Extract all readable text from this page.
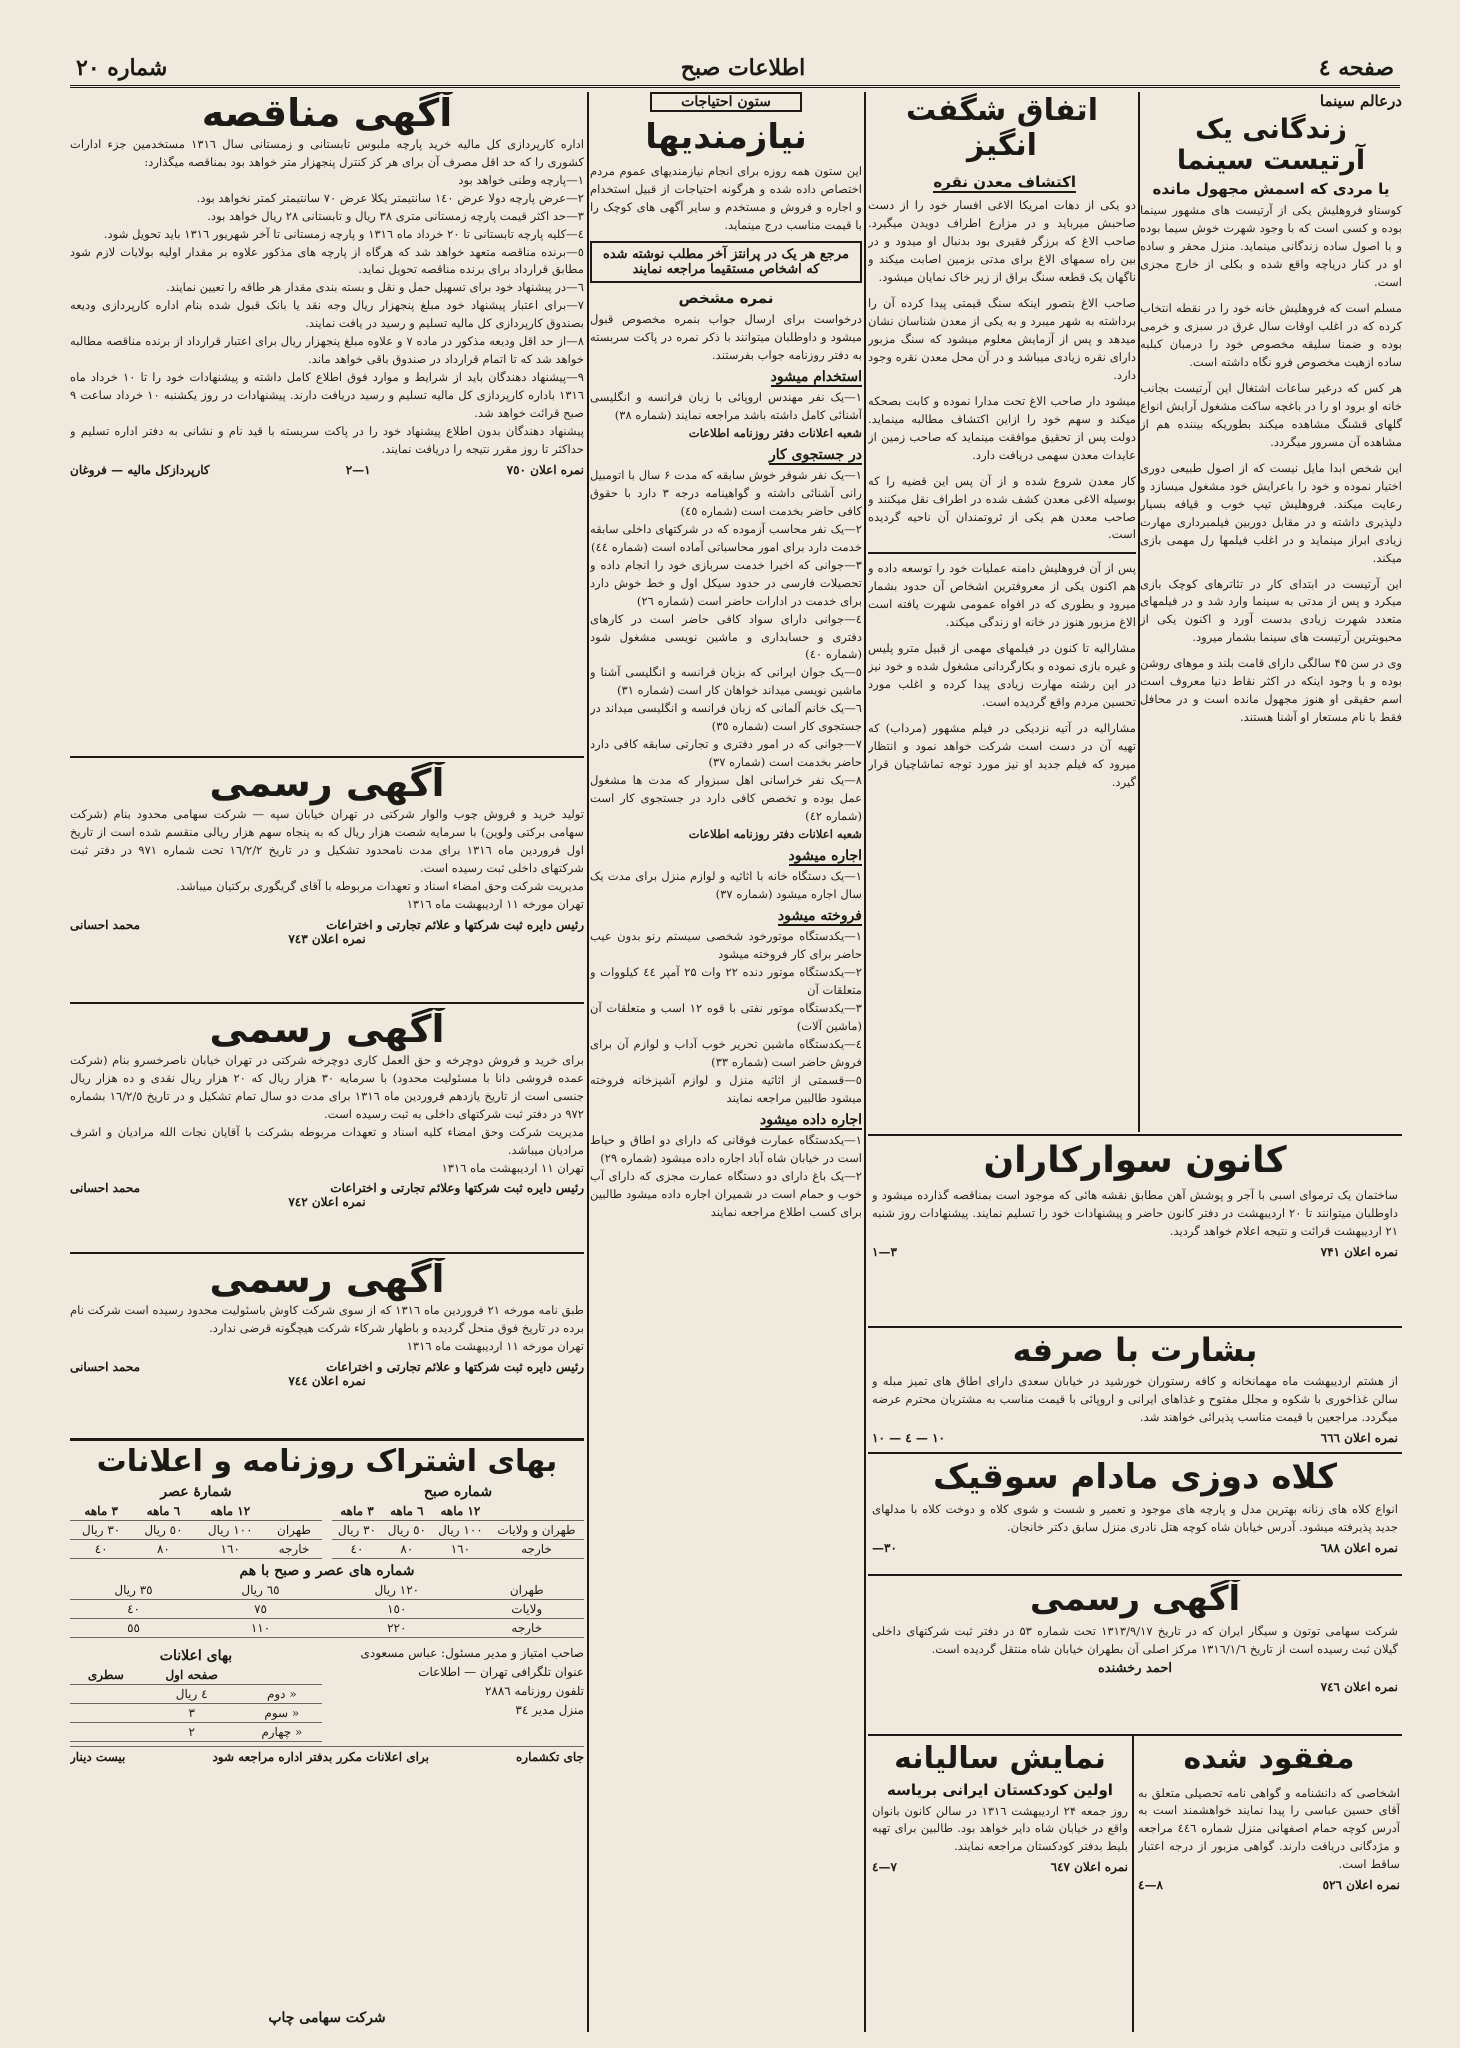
صفحه ٤
اطلاعات صبح
شماره ۲۰
درعالم سینما
زندگانی یک آرتیست سینما
یا مردی که اسمش مجهول مانده
کوستاو فروهلیش یکی از آرتیست های مشهور سینما بوده و کسی است که با وجود شهرت خوش سیما بوده و با اصول ساده زندگانی مینماید. منزل محقر و ساده او در کنار دریاچه واقع شده و بکلی از خارج مجزی است.
مسلم است که فروهلیش خانه خود را در نقطه انتخاب کرده که در اغلب اوقات سال غرق در سبزی و خرمی بوده و ضمنا سلیقه مخصوص خود را درمبان کبلبه ساده ازهیت مخصوص فرو نگاه داشته است.
هر کس که درغیر ساعات اشتغال این آرتیست بجانب خانه او برود او را در باغچه ساکت مشغول آرایش انواع گلهای قشنگ مشاهده میکند بطوریکه بیننده هم از مشاهده آن مسرور میگردد.
این شخص ابدا مایل نیست که از اصول طبیعی دوری اختیار نموده و خود را باعرایش خود مشغول میسازد و رعایت میکند. فروهلیش تیپ خوب و قیافه بسیار دلپذیری داشته و در مقابل دوربین فیلمبرداری مهارت زیادی ابراز مینماید و در اغلب فیلمها رل مهمی بازی میکند.
این آرتیست در ابتدای کار در تئاترهای کوچک بازی میکرد و پس از مدتی به سینما وارد شد و در فیلمهای متعدد شهرت زیادی بدست آورد و اکنون یکی از محبوبترین آرتیست های سینما بشمار میرود.
وی در سن ۴۵ سالگی دارای قامت بلند و موهای روشن بوده و با وجود اینکه در اکثر نقاط دنیا معروف است اسم حقیقی او هنوز مجهول مانده است و در محافل فقط با نام مستعار او آشنا هستند.
اتفاق شگفت انگیز
اکتشاف معدن نقره
دو یکی از دهات امریکا الاغی افسار خود را از دست صاحبش میرباید و در مزارع اطراف دویدن میگیرد. صاحب الاغ که برزگر فقیری بود بدنبال او میدود و در بین راه سمهای الاغ برای مدتی بزمین اصابت میکند و ناگهان یک قطعه سنگ براق از زیر خاک نمایان میشود.
صاحب الاغ بتصور اینکه سنگ قیمتی پیدا کرده آن را برداشته به شهر میبرد و به یکی از معدن شناسان نشان میدهد و پس از آزمایش معلوم میشود که سنگ مزبور دارای نقره زیادی میباشد و در آن محل معدن نقره وجود دارد.
میشود دار صاحب الاغ تحت مدارا نموده و کابت بصحکه میکند و سهم خود را ازاین اکتشاف مطالبه مینماید. دولت پس از تحقیق موافقت مینماید که صاحب زمین از عایدات معدن سهمی دریافت دارد.
کار معدن شروع شده و از آن پس این قضیه را که بوسیله الاغی معدن کشف شده در اطراف نقل میکنند و صاحب معدن هم یکی از ثروتمندان آن ناحیه گردیده است.
پس از آن فروهلیش دامنه عملیات خود را توسعه داده و هم اکنون یکی از معروفترین اشخاص آن حدود بشمار میرود و بطوری که در افواه عمومی شهرت یافته است الاغ مزبور هنوز در خانه او زندگی میکند.
مشارالیه تا کنون در فیلمهای مهمی از قبیل مترو پلیس و غیره بازی نموده و بکارگردانی مشغول شده و خود نیز در این رشته مهارت زیادی پیدا کرده و اغلب مورد تحسین مردم واقع گردیده است.
مشارالیه در آتیه نزدیکی در فیلم مشهور (مرداب) که تهیه آن در دست است شرکت خواهد نمود و انتظار میرود که فیلم جدید او نیز مورد توجه تماشاچیان قرار گیرد.
کانون سوارکاران
ساختمان یک ترموای اسبی با آجر و پوشش آهن مطابق نقشه هائی که موجود است بمناقصه گذارده میشود و داوطلبان میتوانند تا ۲۰ اردیبهشت در دفتر کانون حاضر و پیشنهادات خود را تسلیم نمایند. پیشنهادات روز شنبه ۲۱ اردیبهشت قرائت و نتیجه اعلام خواهد گردید.
نمره اعلان ۷۴۱
۳—۱
بشارت با صرفه
از هشتم اردیبهشت ماه مهمانخانه و کافه رستوران خورشید در خیابان سعدی دارای اطاق های تمیز مبله و سالن غذاخوری با شکوه و مجلل مفتوح و غذاهای ایرانی و اروپائی با قیمت مناسب به مشتریان محترم عرضه میگردد. مراجعین با قیمت مناسب پذیرائی خواهند شد.
نمره اعلان ٦٦٦
۱۰ — ٤ — ۱۰
کلاه دوزی مادام سوقیک
انواع کلاه های زنانه بهترین مدل و پارچه های موجود و تعمیر و شست و شوی کلاه و دوخت کلاه با مدلهای جدید پذیرفته میشود. آدرس خیابان شاه کوچه هتل نادری منزل سابق دکتر خانجان.
نمره اعلان ٦٨٨
۳۰—
آگهی رسمی
شرکت سهامی توتون و سیگار ایران که در تاریخ ۱۳۱۳/۹/۱۷ تحت شماره ۵۳ در دفتر ثبت شرکتهای داخلی گیلان ثبت رسیده است از تاریخ ۱۳۱٦/۱/٦ مرکز اصلی آن بطهران خیابان شاه منتقل گردیده است.
احمد رخشنده
نمره اعلان ۷٤٦
مفقود شده
اشخاصی که دانشنامه و گواهی نامه تحصیلی متعلق به آقای حسین عباسی را پیدا نمایند خواهشمند است به آدرس کوچه حمام اصفهانی منزل شماره ٤٤٦ مراجعه و مژدگانی دریافت دارند. گواهی مزبور از درجه اعتبار ساقط است.
نمره اعلان ٥٢٦
۸—٤
نمایش سالیانه
اولین کودکستان ایرانی بریاسه
روز جمعه ۲۴ اردیبهشت ۱۳۱٦ در سالن کانون بانوان واقع در خیابان شاه دایر خواهد بود. طالبین برای تهیه بلیط بدفتر کودکستان مراجعه نمایند.
نمره اعلان ٦٤۷
۷—٤
ستون احتیاجات
نیازمندیها
این ستون همه روزه برای انجام نیازمندیهای عموم مردم اختصاص داده شده و هرگونه احتیاجات از قبیل استخدام و اجاره و فروش و مستخدم و سایر آگهی های کوچک را با قیمت مناسب درج مینماید.
مرجع هر یک در پرانتز آخر مطلب نوشته شده که اشخاص مستقیما مراجعه نمایند
نمره مشخص
درخواست برای ارسال جواب بنمره مخصوص قبول میشود و داوطلبان میتوانند با ذکر نمره در پاکت سربسته به دفتر روزنامه جواب بفرستند.
استخدام میشود
۱—یک نفر مهندس اروپائی با زبان فرانسه و انگلیسی آشنائی کامل داشته باشد مراجعه نمایند (شماره ۳۸)
شعبه اعلانات دفتر روزنامه اطلاعات
در جستجوی کار
۱—یک نفر شوفر خوش سابقه که مدت ۶ سال با اتومبیل رانی آشنائی داشته و گواهینامه درجه ۳ دارد با حقوق کافی حاضر بخدمت است (شماره ٤٥)
۲—یک نفر محاسب آزموده که در شرکتهای داخلی سابقه خدمت دارد برای امور محاسباتی آماده است (شماره ٤٤)
۳—جوانی که اخیرا خدمت سربازی خود را انجام داده و تحصیلات فارسی در حدود سیکل اول و خط خوش دارد برای خدمت در ادارات حاضر است (شماره ۲٦)
٤—جوانی دارای سواد کافی حاضر است در کارهای دفتری و حسابداری و ماشین نویسی مشغول شود (شماره ٤٠)
٥—یک جوان ایرانی که بزبان فرانسه و انگلیسی آشنا و ماشین نویسی میداند خواهان کار است (شماره ۳۱)
٦—یک خانم آلمانی که زبان فرانسه و انگلیسی میداند در جستجوی کار است (شماره ۳٥)
۷—جوانی که در امور دفتری و تجارتی سابقه کافی دارد حاضر بخدمت است (شماره ۳۷)
۸—یک نفر خراسانی اهل سبزوار که مدت ها مشغول عمل بوده و تخصص کافی دارد در جستجوی کار است (شماره ٤٢)
شعبه اعلانات دفتر روزنامه اطلاعات
اجاره میشود
۱—یک دستگاه خانه با اثاثیه و لوازم منزل برای مدت یک سال اجاره میشود (شماره ۳۷)
فروخته میشود
۱—یکدستگاه موتورخود شخصی سیستم رنو بدون عیب حاضر برای کار فروخته میشود
۲—یکدستگاه موتور دنده ۲۲ وات ۲۵ آمپر ٤٤ کیلووات و متعلقات آن
۳—یکدستگاه موتور نفتی با قوه ۱۲ اسب و متعلقات آن (ماشین آلات)
٤—یکدستگاه ماشین تحریر خوب آداب و لوازم آن برای فروش حاضر است (شماره ۳۳)
٥—قسمتی از اثاثیه منزل و لوازم آشپزخانه فروخته میشود طالبین مراجعه نمایند
اجاره داده میشود
۱—یکدستگاه عمارت فوقانی که دارای دو اطاق و حیاط است در خیابان شاه آباد اجاره داده میشود (شماره ۲۹)
۲—یک باغ دارای دو دستگاه عمارت مجزی که دارای آب خوب و حمام است در شمیران اجاره داده میشود طالبین برای کسب اطلاع مراجعه نمایند
آگهی مناقصه
اداره کارپردازی کل مالیه خرید پارچه ملبوس تابستانی و زمستانی سال ۱۳۱٦ مستخدمین جزء ادارات کشوری را که حد اقل مصرف آن برای هر کز کنترل پنجهزار متر خواهد بود بمناقصه میگذارد:
۱—پارچه وطنی خواهد بود
۲—عرض پارچه دولا عرض ۱٤٠ سانتیمتر یکلا عرض ۷٠ سانتیمتر کمتر نخواهد بود.
۳—حد اکثر قیمت پارچه زمستانی متری ۳۸ ریال و تابستانی ۲۸ ریال خواهد بود.
٤—کلیه پارچه تابستانی تا ۲٠ خرداد ماه ۱۳۱٦ و پارچه زمستانی تا آخر شهریور ۱۳۱٦ باید تحویل شود.
٥—برنده مناقصه متعهد خواهد شد که هرگاه از پارچه های مذکور علاوه بر مقدار اولیه بولایات لازم شود مطابق قرارداد برای برنده مناقصه تحویل نماید.
٦—در پیشنهاد خود برای تسهیل حمل و نقل و بسته بندی مقدار هر طاقه را تعیین نمایند.
۷—برای اعتبار پیشنهاد خود مبلغ پنجهزار ریال وجه نقد یا بانک قبول شده بنام اداره کارپردازی ودیعه بصندوق کارپردازی کل مالیه تسلیم و رسید در یافت نمایند.
۸—از حد اقل ودیعه مذکور در ماده ۷ و علاوه مبلغ پنجهزار ریال برای اعتبار قرارداد از برنده مناقصه مطالبه خواهد شد که تا اتمام قرارداد در صندوق باقی خواهد ماند.
۹—پیشنهاد دهندگان باید از شرایط و موارد فوق اطلاع کامل داشته و پیشنهادات خود را تا ۱٠ خرداد ماه ۱۳۱٦ باداره کارپردازی کل مالیه تسلیم و رسید دریافت دارند. پیشنهادات در روز یکشنبه ۱٠ خرداد ساعت ۹ صبح قرائت خواهد شد.
پیشنهاد دهندگان بدون اطلاع پیشنهاد خود را در پاکت سربسته با قید نام و نشانی به دفتر اداره تسلیم و حداکثر تا روز مقرر نتیجه را دریافت نمایند.
نمره اعلان ۷٥٠
۱—۲
کارپردازکل مالیه — فروغان
آگهی رسمی
تولید خرید و فروش چوب والوار شرکتی در تهران خیابان سپه — شرکت سهامی محدود بنام (شرکت سهامی برکتی ولوین) با سرمایه شصت هزار ریال که به پنجاه سهم هزار ریالی منقسم شده است از تاریخ اول فروردین ماه ۱۳۱٦ برای مدت نامحدود تشکیل و در تاریخ ۱٦/۲/۲ تحت شماره ۹۷۱ در دفتر ثبت شرکتهای داخلی ثبت رسیده است.
مدیریت شرکت وحق امضاء اسناد و تعهدات مربوطه با آقای گریگوری برکتیان میباشد.
تهران مورخه ۱۱ اردیبهشت ماه ۱۳۱٦
رئیس دایره ثبت شرکتها و علائم تجارتی و اختراعات
محمد احسانی
نمره اعلان ۷٤٣
آگهی رسمی
برای خرید و فروش دوچرخه و حق العمل کاری دوچرخه شرکتی در تهران خیابان ناصرخسرو بنام (شرکت عمده فروشی دانا با مسئولیت محدود) با سرمایه ۳٠ هزار ریال که ۲٠ هزار ریال نقدی و ده هزار ریال جنسی است از تاریخ یازدهم فروردین ماه ۱۳۱٦ برای مدت دو سال تمام تشکیل و در تاریخ ۱٦/۲/٥ بشماره ۹۷۲ در دفتر ثبت شرکتهای داخلی به ثبت رسیده است.
مدیریت شرکت وحق امضاء کلیه اسناد و تعهدات مربوطه بشرکت با آقایان نجات الله مرادیان و اشرف مرادیان میباشد.
تهران ۱۱ اردیبهشت ماه ۱۳۱٦
رئیس دایره ثبت شرکتها وعلائم تجارتی و اختراعات
محمد احسانی
نمره اعلان ۷٤۲
آگهی رسمی
طبق نامه مورخه ۲۱ فروردین ماه ۱۳۱٦ که از سوی شرکت کاوش باسئولیت محدود رسیده است شرکت نام برده در تاریخ فوق منحل گردیده و باطهار شرکاء شرکت هیچگونه قرضی ندارد.
تهران مورخه ۱۱ اردیبهشت ماه ۱۳۱٦
رئیس دایره ثبت شرکتها و علائم تجارتی و اختراعات
محمد احسانی
نمره اعلان ۷٤٤
بهای اشتراک روزنامه و اعلانات
شماره صبح
	۱۲ ماهه	٦ ماهه	۳ ماهه
طهران و ولایات	۱٠٠ ریال	٥٠ ریال	۳٠ ریال
خارجه	۱٦٠	۸٠	٤٠
شمارهٔ عصر
	۱۲ ماهه	٦ ماهه	۳ ماهه
طهران	۱٠٠ ریال	٥٠ ریال	۳٠ ریال
خارجه	۱٦٠	۸٠	٤٠
شماره های عصر و صبح با هم
طهران	۱۲٠ ریال	٦٥ ریال	۳٥ ریال
ولایات	۱٥٠	۷٥	٤٠
خارجه	۲۲٠	۱۱٠	٥٥
صاحب امتیاز و مدیر مسئول: عباس مسعودی
عنوان تلگرافی تهران — اطلاعات
تلفون روزنامه ۲۸۸٦
منزل مدیر ۳٤
بهای اعلانات
	صفحه اول	سطری
« دوم	٤ ریال	
« سوم	٣	
« چهارم	٢	
جای تکشماره
برای اعلانات مکرر بدفتر اداره مراجعه شود
بیست دینار
شرکت سهامی چاپ
